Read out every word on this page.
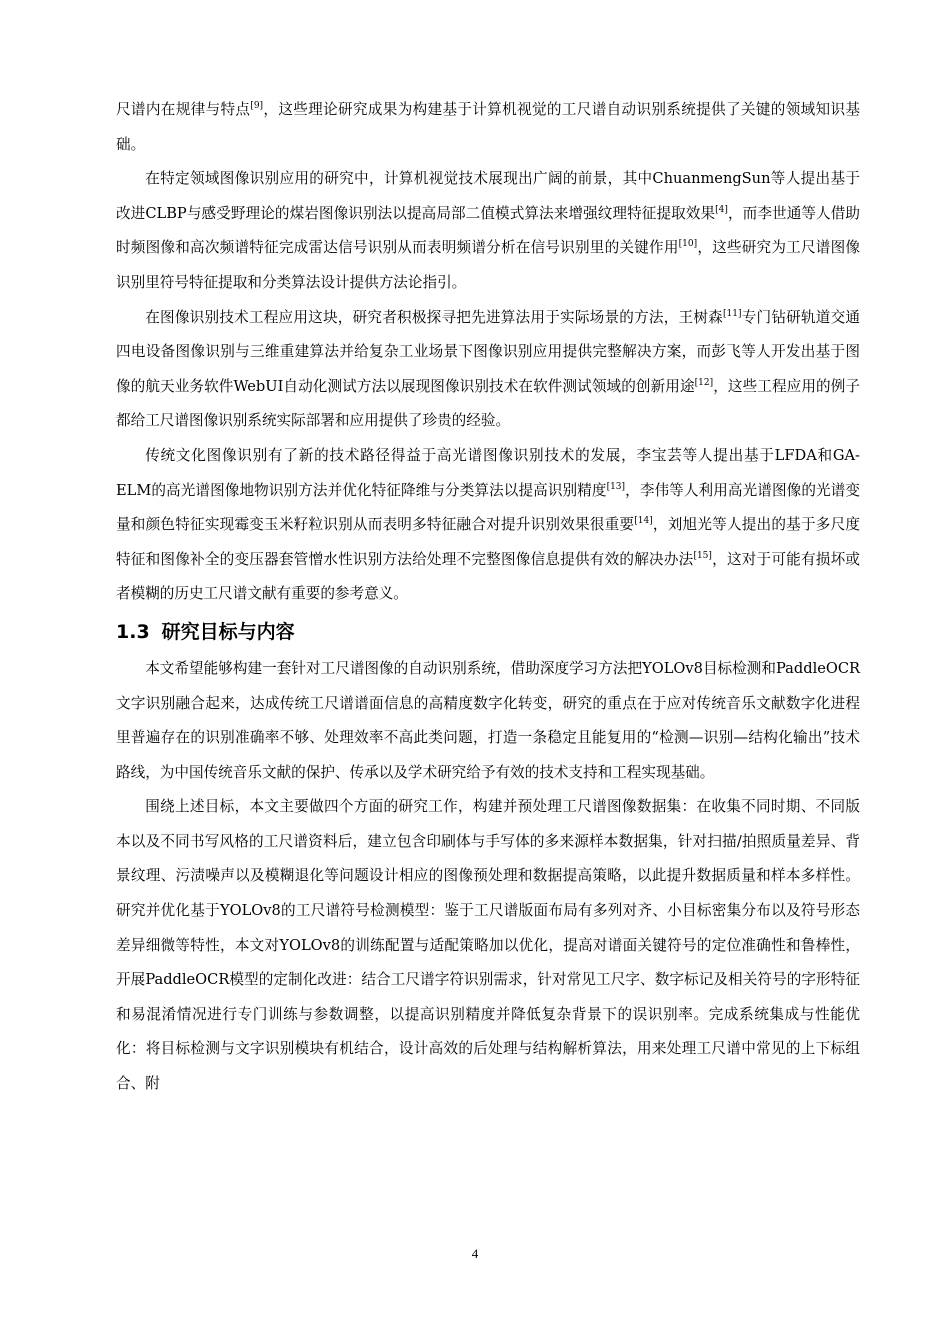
尺谱内在规律与特点[9]，这些理论研究成果为构建基于计算机视觉的工尺谱自动识别系统提供了关键的领域知识基础。

在特定领域图像识别应用的研究中，计算机视觉技术展现出广阔的前景，其中ChuanmengSun等人提出基于改进CLBP与感受野理论的煤岩图像识别法以提高局部二值模式算法来增强纹理特征提取效果[4]，而李世通等人借助时频图像和高次频谱特征完成雷达信号识别从而表明频谱分析在信号识别里的关键作用[10]，这些研究为工尺谱图像识别里符号特征提取和分类算法设计提供方法论指引。

在图像识别技术工程应用这块，研究者积极探寻把先进算法用于实际场景的方法，王树森[11]专门钻研轨道交通四电设备图像识别与三维重建算法并给复杂工业场景下图像识别应用提供完整解决方案，而彭飞等人开发出基于图像的航天业务软件WebUI自动化测试方法以展现图像识别技术在软件测试领域的创新用途[12]，这些工程应用的例子都给工尺谱图像识别系统实际部署和应用提供了珍贵的经验。

传统文化图像识别有了新的技术路径得益于高光谱图像识别技术的发展，李宝芸等人提出基于LFDA和GA-ELM的高光谱图像地物识别方法并优化特征降维与分类算法以提高识别精度[13]，李伟等人利用高光谱图像的光谱变量和颜色特征实现霉变玉米籽粒识别从而表明多特征融合对提升识别效果很重要[14]，刘旭光等人提出的基于多尺度特征和图像补全的变压器套管憎水性识别方法给处理不完整图像信息提供有效的解决办法[15]，这对于可能有损坏或者模糊的历史工尺谱文献有重要的参考意义。

1.3 研究目标与内容

本文希望能够构建一套针对工尺谱图像的自动识别系统，借助深度学习方法把YOLOv8目标检测和PaddleOCR文字识别融合起来，达成传统工尺谱谱面信息的高精度数字化转变，研究的重点在于应对传统音乐文献数字化进程里普遍存在的识别准确率不够、处理效率不高此类问题，打造一条稳定且能复用的“检测—识别—结构化输出”技术路线，为中国传统音乐文献的保护、传承以及学术研究给予有效的技术支持和工程实现基础。

围绕上述目标，本文主要做四个方面的研究工作，构建并预处理工尺谱图像数据集：在收集不同时期、不同版本以及不同书写风格的工尺谱资料后，建立包含印刷体与手写体的多来源样本数据集，针对扫描/拍照质量差异、背景纹理、污渍噪声以及模糊退化等问题设计相应的图像预处理和数据提高策略，以此提升数据质量和样本多样性。研究并优化基于YOLOv8的工尺谱符号检测模型：鉴于工尺谱版面布局有多列对齐、小目标密集分布以及符号形态差异细微等特性，本文对YOLOv8的训练配置与适配策略加以优化，提高对谱面关键符号的定位准确性和鲁棒性，开展PaddleOCR模型的定制化改进：结合工尺谱字符识别需求，针对常见工尺字、数字标记及相关符号的字形特征和易混淆情况进行专门训练与参数调整，以提高识别精度并降低复杂背景下的误识别率。完成系统集成与性能优化：将目标检测与文字识别模块有机结合，设计高效的后处理与结构解析算法，用来处理工尺谱中常见的上下标组合、附

4
